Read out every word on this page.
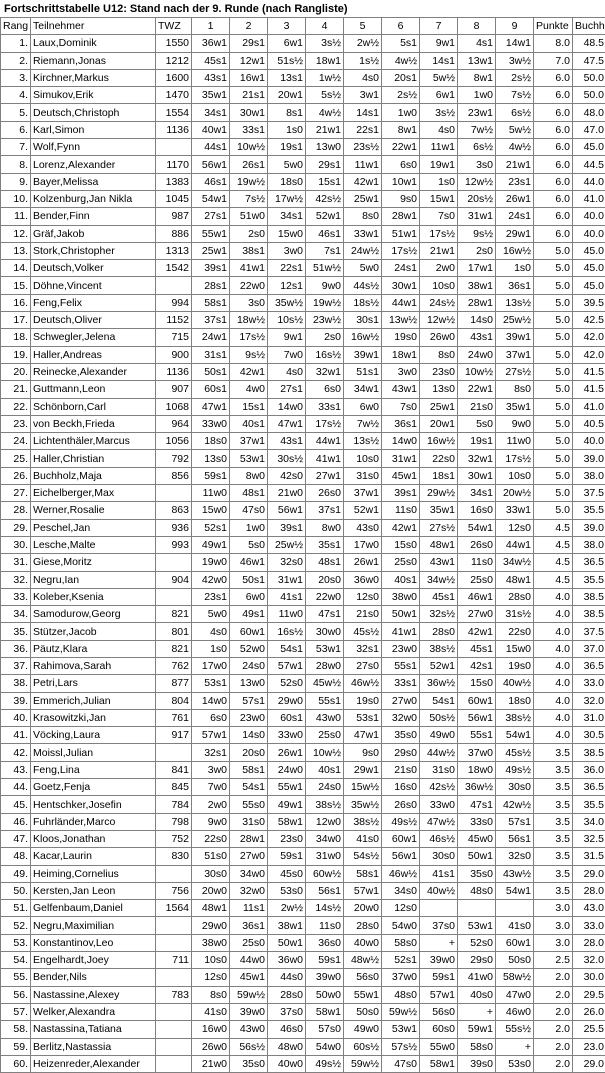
Fortschrittstabelle U12: Stand nach der 9. Runde (nach Rangliste)
Rang	Teilnehmer	TWZ	1	2	3	4	5	6	7	8	9	Punkte	Buchh
1.	Laux,Dominik	1550	36w1	29s1	6w1	3s½	2w½	5s1	9w1	4s1	14w1	8.0	48.5
2.	Riemann,Jonas	1212	45s1	12w1	51s½	18w1	1s½	4w½	14s1	13w1	3w½	7.0	47.5
3.	Kirchner,Markus	1600	43s1	16w1	13s1	1w½	4s0	20s1	5w½	8w1	2s½	6.0	50.0
4.	Simukov,Erik	1470	35w1	21s1	20w1	5s½	3w1	2s½	6w1	1w0	7s½	6.0	50.0
5.	Deutsch,Christoph	1554	34s1	30w1	8s1	4w½	14s1	1w0	3s½	23w1	6s½	6.0	48.0
6.	Karl,Simon	1136	40w1	33s1	1s0	21w1	22s1	8w1	4s0	7w½	5w½	6.0	47.0
7.	Wolf,Fynn		44s1	10w½	19s1	13w0	23s½	22w1	11w1	6s½	4w½	6.0	45.0
8.	Lorenz,Alexander	1170	56w1	26s1	5w0	29s1	11w1	6s0	19w1	3s0	21w1	6.0	44.5
9.	Bayer,Melissa	1383	46s1	19w½	18s0	15s1	42w1	10w1	1s0	12w½	23s1	6.0	44.0
10.	Kolzenburg,Jan Nikla	1045	54w1	7s½	17w½	42s½	25w1	9s0	15w1	20s½	26w1	6.0	41.0
11.	Bender,Finn	987	27s1	51w0	34s1	52w1	8s0	28w1	7s0	31w1	24s1	6.0	40.0
12.	Gräf,Jakob	886	55w1	2s0	15w0	46s1	33w1	51w1	17s½	9s½	29w1	6.0	40.0
13.	Stork,Christopher	1313	25w1	38s1	3w0	7s1	24w½	17s½	21w1	2s0	16w½	5.0	45.0
14.	Deutsch,Volker	1542	39s1	41w1	22s1	51w½	5w0	24s1	2w0	17w1	1s0	5.0	45.0
15.	Döhne,Vincent		28s1	22w0	12s1	9w0	44s½	30w1	10s0	38w1	36s1	5.0	45.0
16.	Feng,Felix	994	58s1	3s0	35w½	19w½	18s½	44w1	24s½	28w1	13s½	5.0	39.5
17.	Deutsch,Oliver	1152	37s1	18w½	10s½	23w½	30s1	13w½	12w½	14s0	25w½	5.0	42.5
18.	Schwegler,Jelena	715	24w1	17s½	9w1	2s0	16w½	19s0	26w0	43s1	39w1	5.0	42.0
19.	Haller,Andreas	900	31s1	9s½	7w0	16s½	39w1	18w1	8s0	24w0	37w1	5.0	42.0
20.	Reinecke,Alexander	1136	50s1	42w1	4s0	32w1	51s1	3w0	23s0	10w½	27s½	5.0	41.5
21.	Guttmann,Leon	907	60s1	4w0	27s1	6s0	34w1	43w1	13s0	22w1	8s0	5.0	41.5
22.	Schönborn,Carl	1068	47w1	15s1	14w0	33s1	6w0	7s0	25w1	21s0	35w1	5.0	41.0
23.	von Beckh,Frieda	964	33w0	40s1	47w1	17s½	7w½	36s1	20w1	5s0	9w0	5.0	40.5
24.	Lichtenthäler,Marcus	1056	18s0	37w1	43s1	44w1	13s½	14w0	16w½	19s1	11w0	5.0	40.0
25.	Haller,Christian	792	13s0	53w1	30s½	41w1	10s0	31w1	22s0	32w1	17s½	5.0	39.0
26.	Buchholz,Maja	856	59s1	8w0	42s0	27w1	31s0	45w1	18s1	30w1	10s0	5.0	38.0
27.	Eichelberger,Max		11w0	48s1	21w0	26s0	37w1	39s1	29w½	34s1	20w½	5.0	37.5
28.	Werner,Rosalie	863	15w0	47s0	56w1	37s1	52w1	11s0	35w1	16s0	33w1	5.0	35.5
29.	Peschel,Jan	936	52s1	1w0	39s1	8w0	43s0	42w1	27s½	54w1	12s0	4.5	39.0
30.	Lesche,Malte	993	49w1	5s0	25w½	35s1	17w0	15s0	48w1	26s0	44w1	4.5	38.0
31.	Giese,Moritz		19w0	46w1	32s0	48s1	26w1	25s0	43w1	11s0	34w½	4.5	36.5
32.	Negru,Ian	904	42w0	50s1	31w1	20s0	36w0	40s1	34w½	25s0	48w1	4.5	35.5
33.	Koleber,Ksenia		23s1	6w0	41s1	22w0	12s0	38w0	45s1	46w1	28s0	4.0	38.5
34.	Samodurow,Georg	821	5w0	49s1	11w0	47s1	21s0	50w1	32s½	27w0	31s½	4.0	38.5
35.	Stützer,Jacob	801	4s0	60w1	16s½	30w0	45s½	41w1	28s0	42w1	22s0	4.0	37.5
36.	Päutz,Klara	821	1s0	52w0	54s1	53w1	32s1	23w0	38s½	45s1	15w0	4.0	37.0
37.	Rahimova,Sarah	762	17w0	24s0	57w1	28w0	27s0	55s1	52w1	42s1	19s0	4.0	36.5
38.	Petri,Lars	877	53s1	13w0	52s0	45w½	46w½	33s1	36w½	15s0	40w½	4.0	33.0
39.	Emmerich,Julian	804	14w0	57s1	29w0	55s1	19s0	27w0	54s1	60w1	18s0	4.0	32.0
40.	Krasowitzki,Jan	761	6s0	23w0	60s1	43w0	53s1	32w0	50s½	56w1	38s½	4.0	31.0
41.	Vöcking,Laura	917	57w1	14s0	33w0	25s0	47w1	35s0	49w0	55s1	54w1	4.0	30.5
42.	Moissl,Julian		32s1	20s0	26w1	10w½	9s0	29s0	44w½	37w0	45s½	3.5	38.5
43.	Feng,Lina	841	3w0	58s1	24w0	40s1	29w1	21s0	31s0	18w0	49s½	3.5	36.0
44.	Goetz,Fenja	845	7w0	54s1	55w1	24s0	15w½	16s0	42s½	36w½	30s0	3.5	36.5
45.	Hentschker,Josefin	784	2w0	55s0	49w1	38s½	35w½	26s0	33w0	47s1	42w½	3.5	35.5
46.	Fuhrländer,Marco	798	9w0	31s0	58w1	12w0	38s½	49s½	47w½	33s0	57s1	3.5	34.0
47.	Kloos,Jonathan	752	22s0	28w1	23s0	34w0	41s0	60w1	46s½	45w0	56s1	3.5	32.5
48.	Kacar,Laurin	830	51s0	27w0	59s1	31w0	54s½	56w1	30s0	50w1	32s0	3.5	31.5
49.	Heiming,Cornelius		30s0	34w0	45s0	60w½	58s1	46w½	41s1	35s0	43w½	3.5	29.0
50.	Kersten,Jan Leon	756	20w0	32w0	53s0	56s1	57w1	34s0	40w½	48s0	54w1	3.5	28.0
51.	Gelfenbaum,Daniel	1564	48w1	11s1	2w½	14s½	20w0	12s0				3.0	43.0
52.	Negru,Maximilian		29w0	36s1	38w1	11s0	28s0	54w0	37s0	53w1	41s0	3.0	33.0
53.	Konstantinov,Leo		38w0	25s0	50w1	36s0	40w0	58s0	+	52s0	60w1	3.0	28.0
54.	Engelhardt,Joey	711	10s0	44w0	36w0	59s1	48w½	52s1	39w0	29s0	50s0	2.5	32.0
55.	Bender,Nils		12s0	45w1	44s0	39w0	56s0	37w0	59s1	41w0	58w½	2.0	30.0
56.	Nastassine,Alexey	783	8s0	59w½	28s0	50w0	55w1	48s0	57w1	40s0	47w0	2.0	29.5
57.	Welker,Alexandra		41s0	39w0	37s0	58w1	50s0	59w½	56s0	+	46w0	2.0	26.0
58.	Nastassina,Tatiana		16w0	43w0	46s0	57s0	49w0	53w1	60s0	59w1	55s½	2.0	25.5
59.	Berlitz,Nastassia		26w0	56s½	48w0	54w0	60s½	57s½	55w0	58s0	+	2.0	23.0
60.	Heizenreder,Alexander		21w0	35s0	40w0	49s½	59w½	47s0	58w1	39s0	53s0	2.0	29.0
